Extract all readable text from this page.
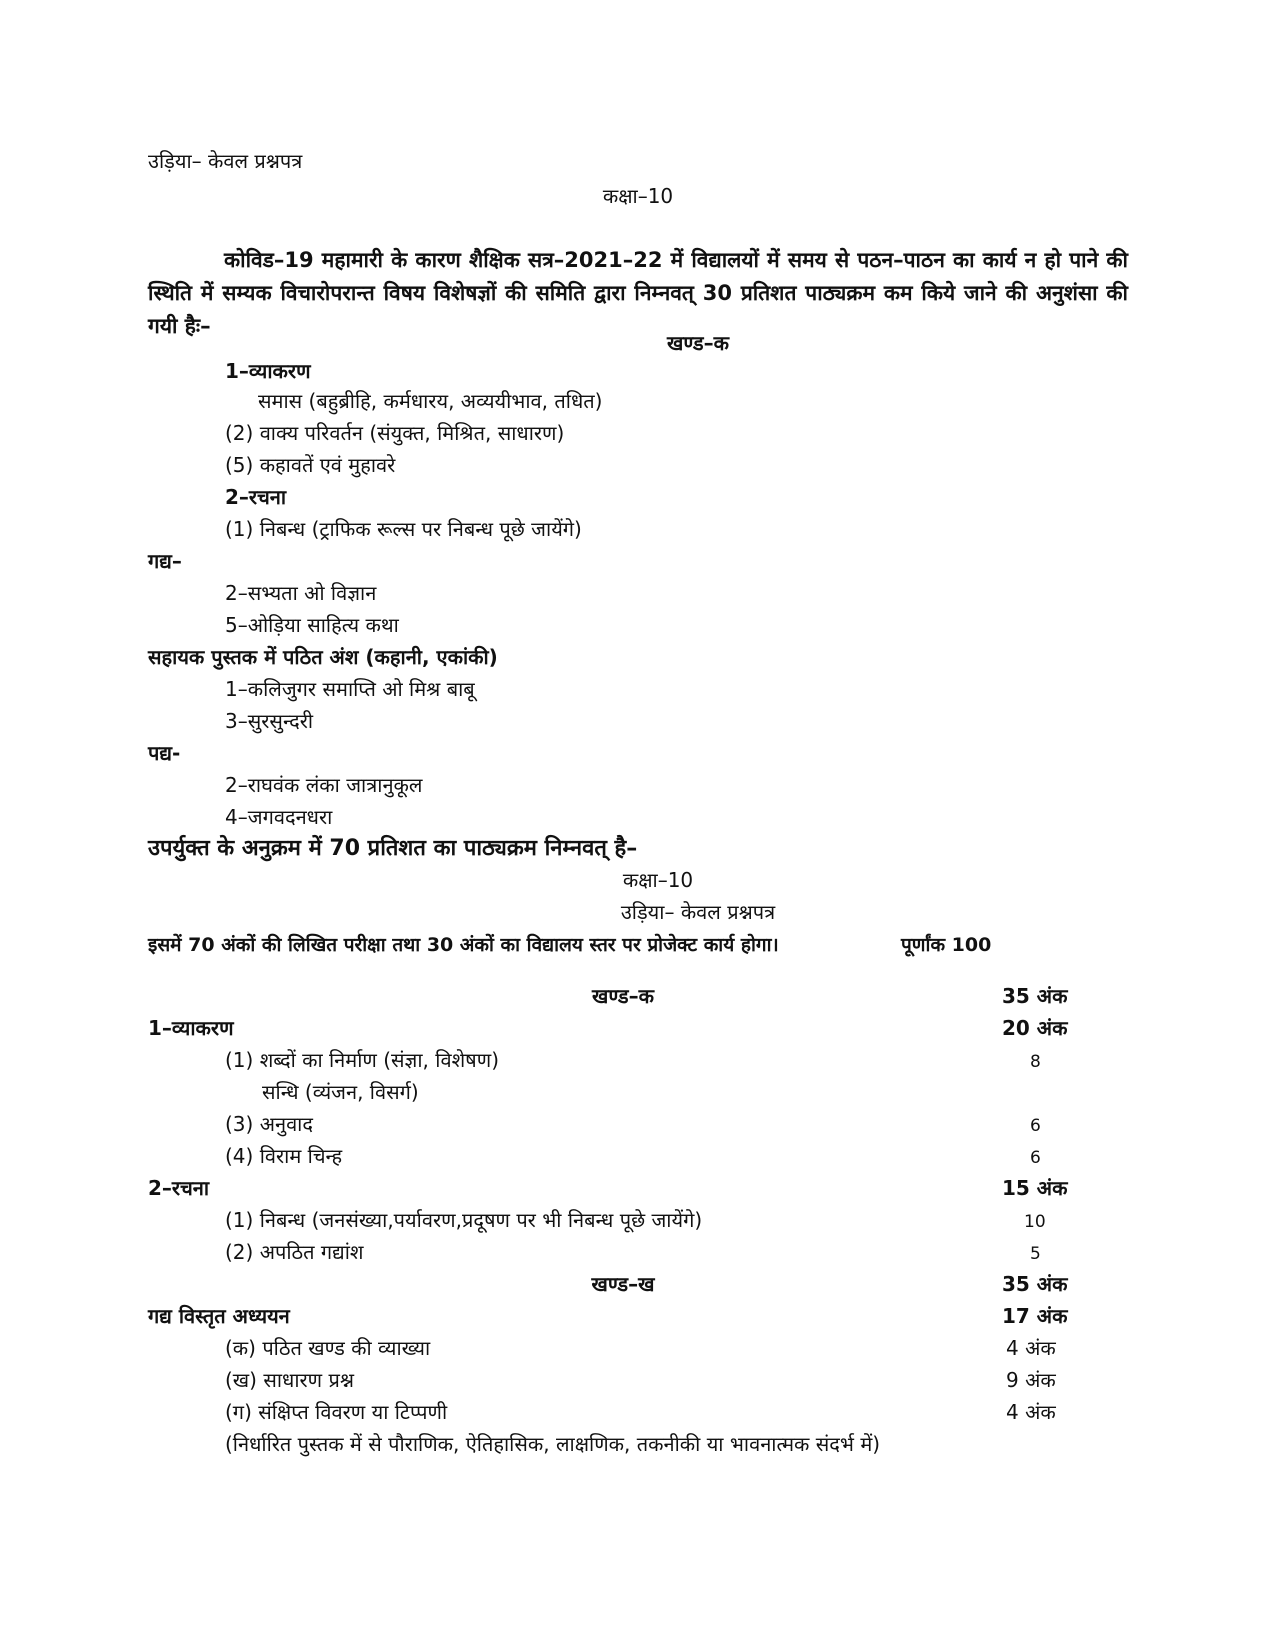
उड़िया– केवल प्रश्नपत्र
कक्षा–10
कोविड–19 महामारी के कारण शैक्षिक सत्र–2021–22 में विद्यालयों में समय से पठन–पाठन का कार्य न हो पाने की स्थिति में सम्यक विचारोपरान्त विषय विशेषज्ञों की समिति द्वारा निम्नवत् 30 प्रतिशत पाठ्यक्रम कम किये जाने की अनुशंसा की गयी हैः–
खण्ड–क
1–व्याकरण
समास (बहुब्रीहि, कर्मधारय, अव्ययीभाव, तधित)
(2) वाक्य परिवर्तन (संयुक्त, मिश्रित, साधारण)
(5) कहावतें एवं मुहावरे
2–रचना
(1) निबन्ध (ट्राफिक रूल्स पर निबन्ध पूछे जायेंगे)
गद्य–
2–सभ्यता ओ विज्ञान
5–ओड़िया साहित्य कथा
सहायक पुस्तक में पठित अंश (कहानी, एकांकी)
1–कलिजुगर समाप्ति ओ मिश्र बाबू
3–सुरसुन्दरी
पद्य-
2–राघवंक लंका जात्रानुकूल
4–जगवदनधरा
उपर्युक्त के अनुक्रम में 70 प्रतिशत का पाठ्यक्रम निम्नवत् है–
कक्षा–10
उड़िया– केवल प्रश्नपत्र
इसमें 70 अंकों की लिखित परीक्षा तथा 30 अंकों का विद्यालय स्तर पर प्रोजेक्ट कार्य होगा।	पूर्णांक 100
खण्ड–क	35 अंक
1–व्याकरण	20 अंक
(1) शब्दों का निर्माण (संज्ञा, विशेषण)	8
सन्धि (व्यंजन, विसर्ग)
(3) अनुवाद	6
(4) विराम चिन्ह	6
2–रचना	15 अंक
(1) निबन्ध (जनसंख्या,पर्यावरण,प्रदूषण पर भी निबन्ध पूछे जायेंगे)	10
(2) अपठित गद्यांश	5
खण्ड–ख	35 अंक
गद्य विस्तृत अध्ययन	17 अंक
(क) पठित खण्ड की व्याख्या	4 अंक
(ख) साधारण प्रश्न	9 अंक
(ग) संक्षिप्त विवरण या टिप्पणी	4 अंक
(निर्धारित पुस्तक में से पौराणिक, ऐतिहासिक, लाक्षणिक, तकनीकी या भावनात्मक संदर्भ में)
